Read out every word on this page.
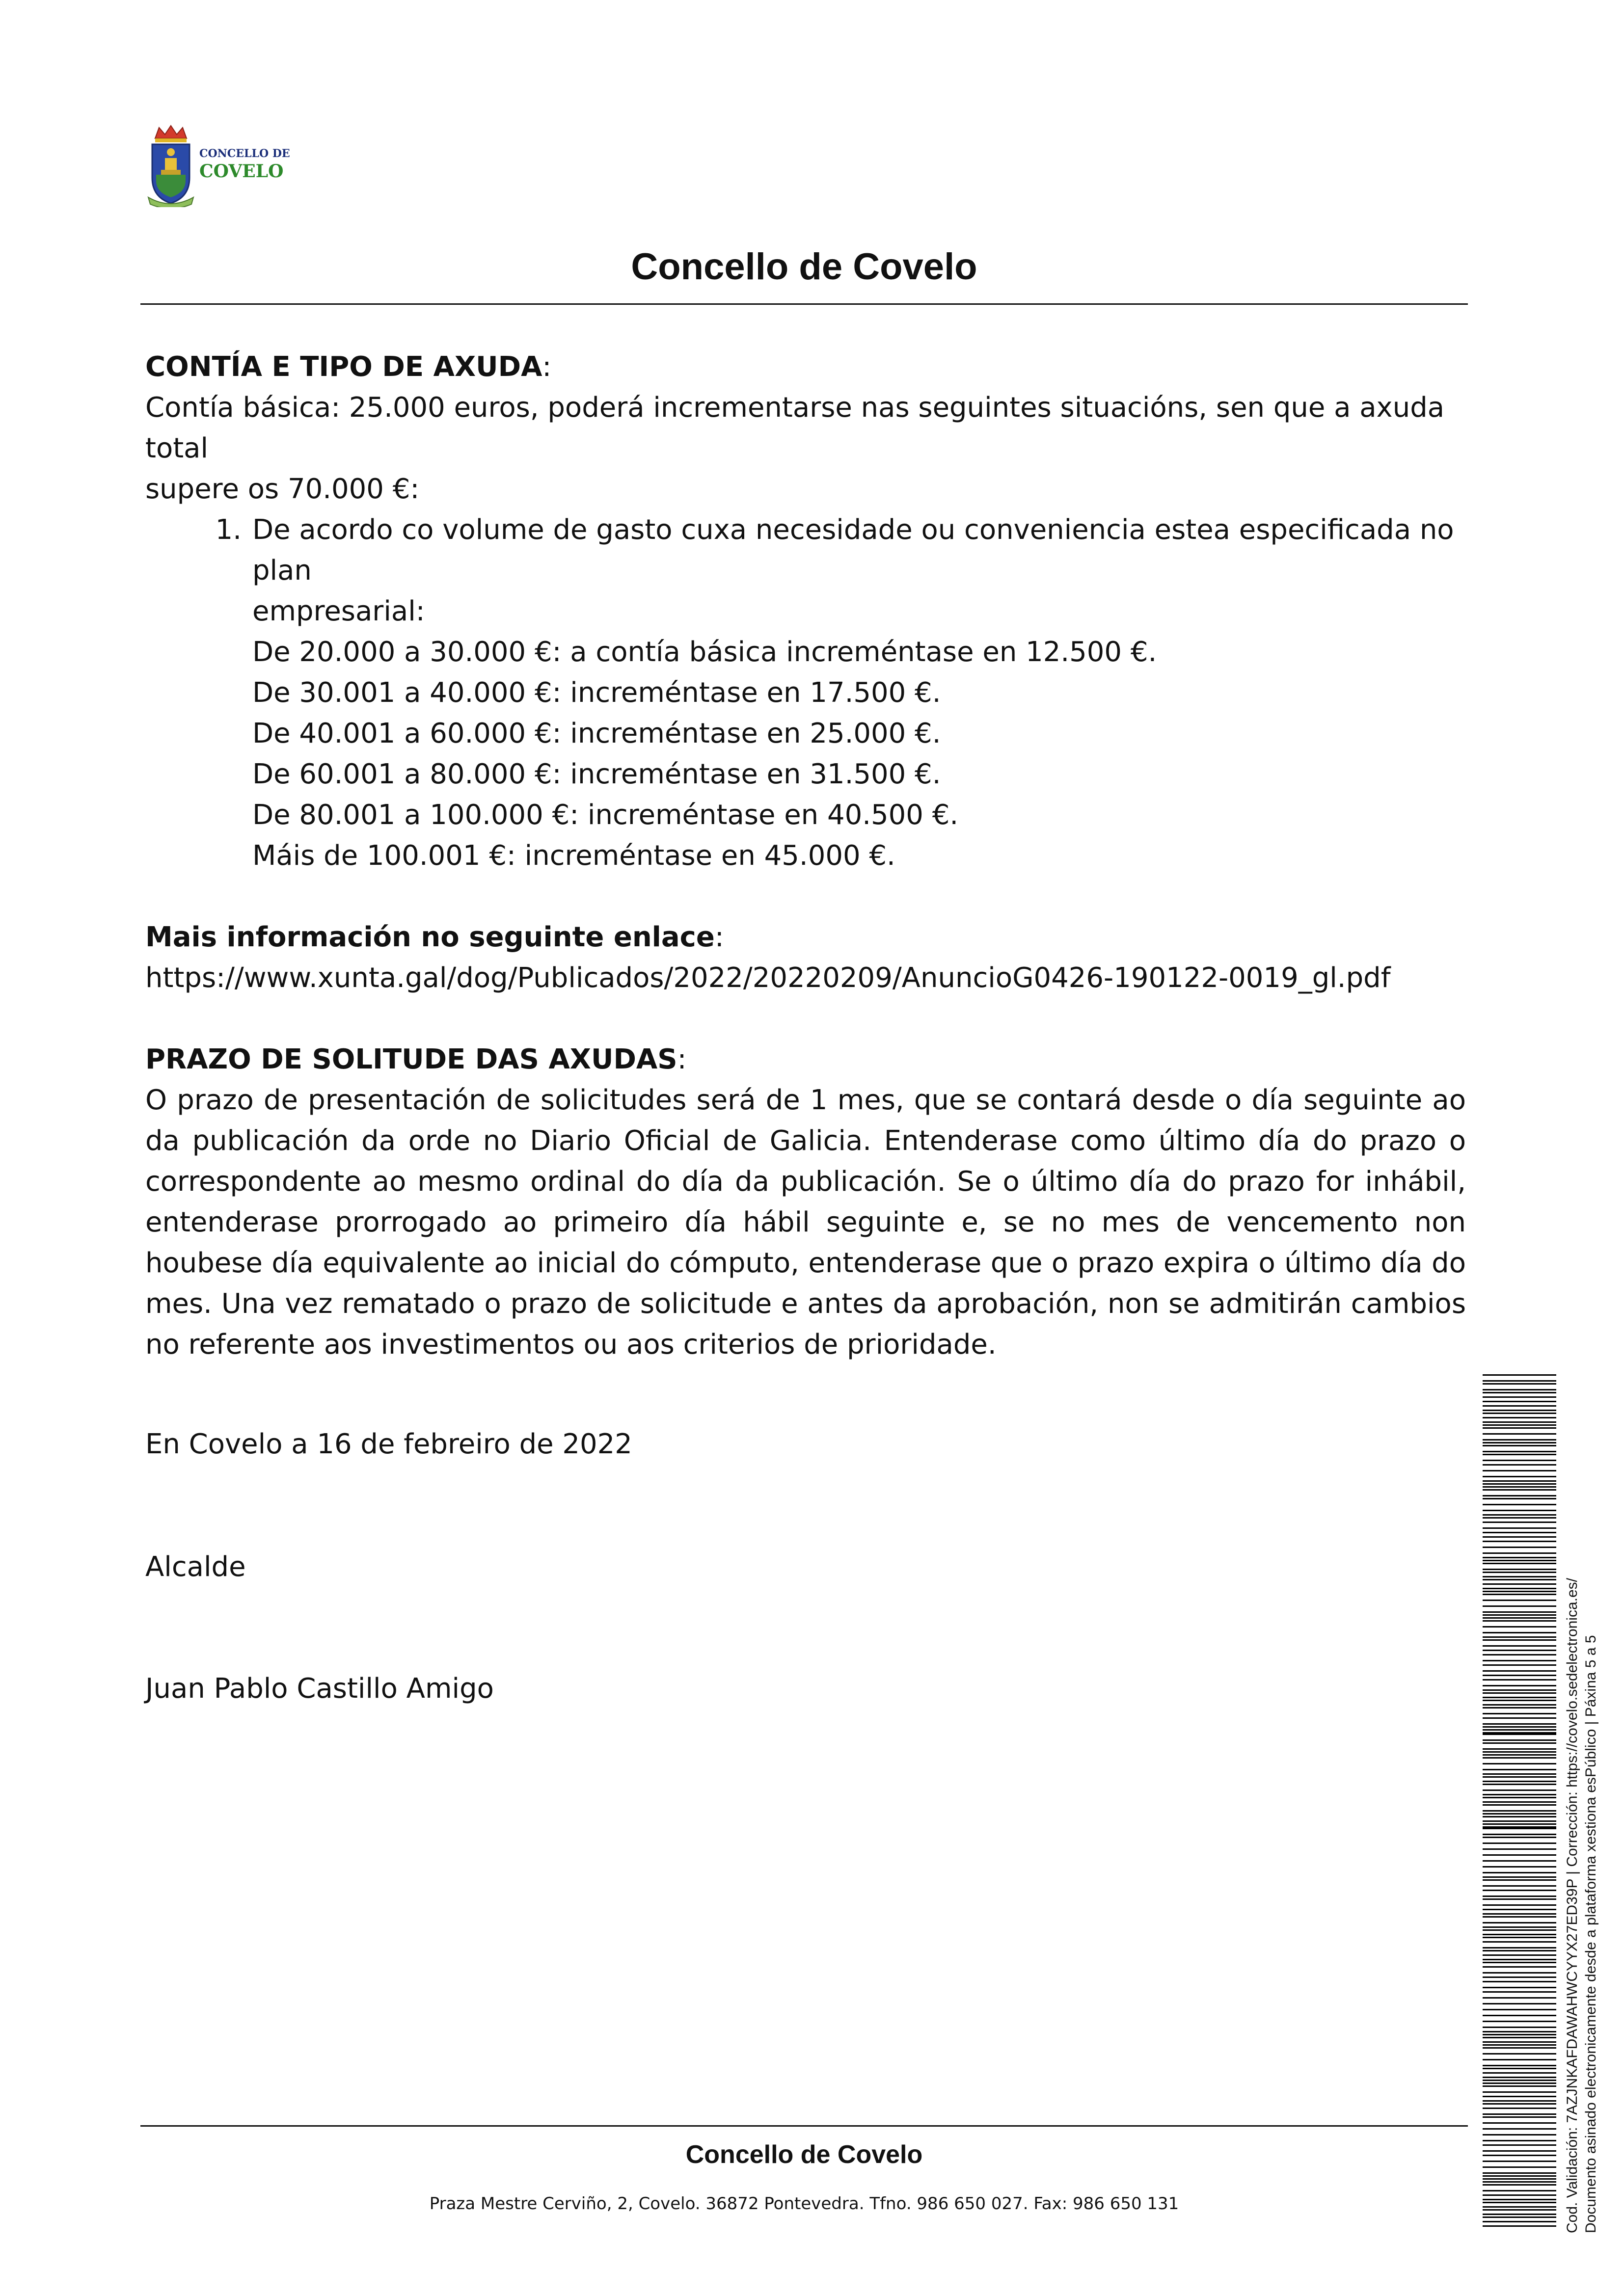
CONCELLO DE
COVELO
Concello de Covelo

CONTÍA E TIPO DE AXUDA:

Contía básica: 25.000 euros, poderá incrementarse nas seguintes situacións, sen que a axuda total

supere os 70.000 €:

1. De acordo co volume de gasto cuxa necesidade ou conveniencia estea especificada no plan
empresarial:
De 20.000 a 30.000 €: a contía básica increméntase en 12.500 €.
De 30.001 a 40.000 €: increméntase en 17.500 €.
De 40.001 a 60.000 €: increméntase en 25.000 €.
De 60.001 a 80.000 €: increméntase en 31.500 €.
De 80.001 a 100.000 €: increméntase en 40.500 €.
Máis de 100.001 €: increméntase en 45.000 €.

Mais información no seguinte enlace:

https://www.xunta.gal/dog/Publicados/2022/20220209/AnuncioG0426-190122-0019_gl.pdf

PRAZO DE SOLITUDE DAS AXUDAS:

O prazo de presentación de solicitudes será de 1 mes, que se contará desde o día seguinte ao da publicación da orde no Diario Oficial de Galicia. Entenderase como último día do prazo o correspondente ao mesmo ordinal do día da publicación. Se o último día do prazo for inhábil, entenderase prorrogado ao primeiro día hábil seguinte e, se no mes de vencemento non houbese día equivalente ao inicial do cómputo, entenderase que o prazo expira o último día do mes. Una vez rematado o prazo de solicitude e antes da aprobación, non se admitirán cambios no referente aos investimentos ou aos criterios de prioridade.

En Covelo a 16 de febreiro de 2022
Alcalde
Juan Pablo Castillo Amigo
Concello de Covelo
Praza Mestre Cerviño, 2, Covelo. 36872 Pontevedra. Tfno. 986 650 027. Fax: 986 650 131	Cod. Validación: 7AZJNKAFDAWAHWCYYX27ED39P | Corrección: https://covelo.sedelectronica.es/ Documento asinado electronicamente desde a plataforma xestiona esPúblico | Páxina 5 a 5
